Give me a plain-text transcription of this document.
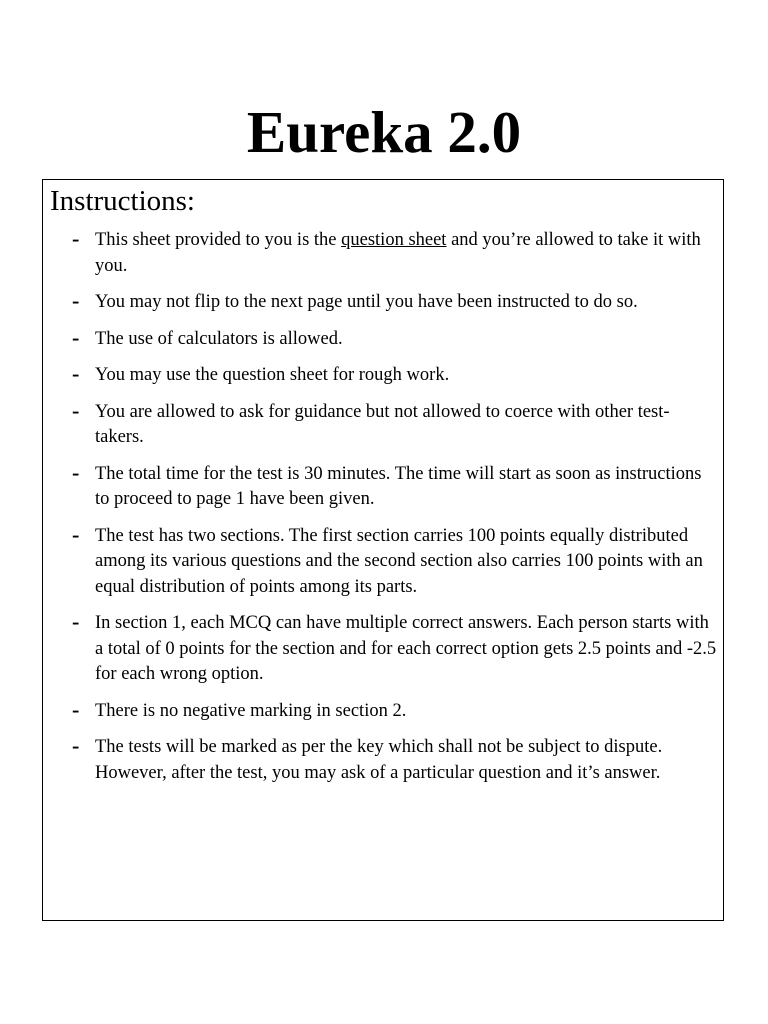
Eureka 2.0
Instructions:
- This sheet provided to you is the question sheet and you’re allowed to take it with you.
- You may not flip to the next page until you have been instructed to do so.
- The use of calculators is allowed.
- You may use the question sheet for rough work.
- You are allowed to ask for guidance but not allowed to coerce with other test-takers.
- The total time for the test is 30 minutes. The time will start as soon as instructions to proceed to page 1 have been given.
- The test has two sections. The first section carries 100 points equally distributed among its various questions and the second section also carries 100 points with an equal distribution of points among its parts.
- In section 1, each MCQ can have multiple correct answers. Each person starts with a total of 0 points for the section and for each correct option gets 2.5 points and -2.5 for each wrong option.
- There is no negative marking in section 2.
- The tests will be marked as per the key which shall not be subject to dispute. However, after the test, you may ask of a particular question and it’s answer.
